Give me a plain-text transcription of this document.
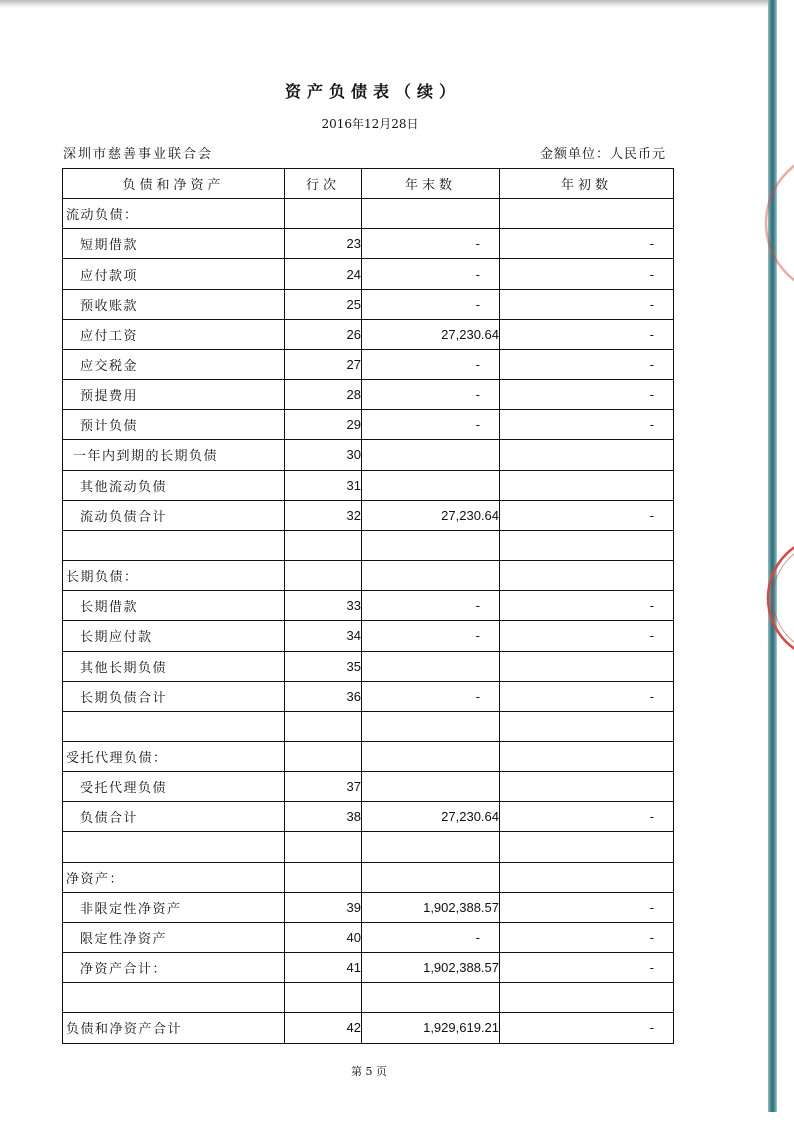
资产负债表（续）
2016年12月28日
深圳市慈善事业联合会	金额单位：人民币元
负债和净资产	行次	年末数	年初数
流动负债：			
短期借款	23	-	-
应付款项	24	-	-
预收账款	25	-	-
应付工资	26	27,230.64	-
应交税金	27	-	-
预提费用	28	-	-
预计负债	29	-	-
一年内到期的长期负债	30		
其他流动负债	31		
流动负债合计	32	27,230.64	-

长期负债：			
长期借款	33	-	-
长期应付款	34	-	-
其他长期负债	35		
长期负债合计	36	-	-

受托代理负债：			
受托代理负债	37		
负债合计	38	27,230.64	-

净资产：			
非限定性净资产	39	1,902,388.57	-
限定性净资产	40	-	-
净资产合计：	41	1,902,388.57	-

负债和净资产合计	42	1,929,619.21	-
第 5 页
